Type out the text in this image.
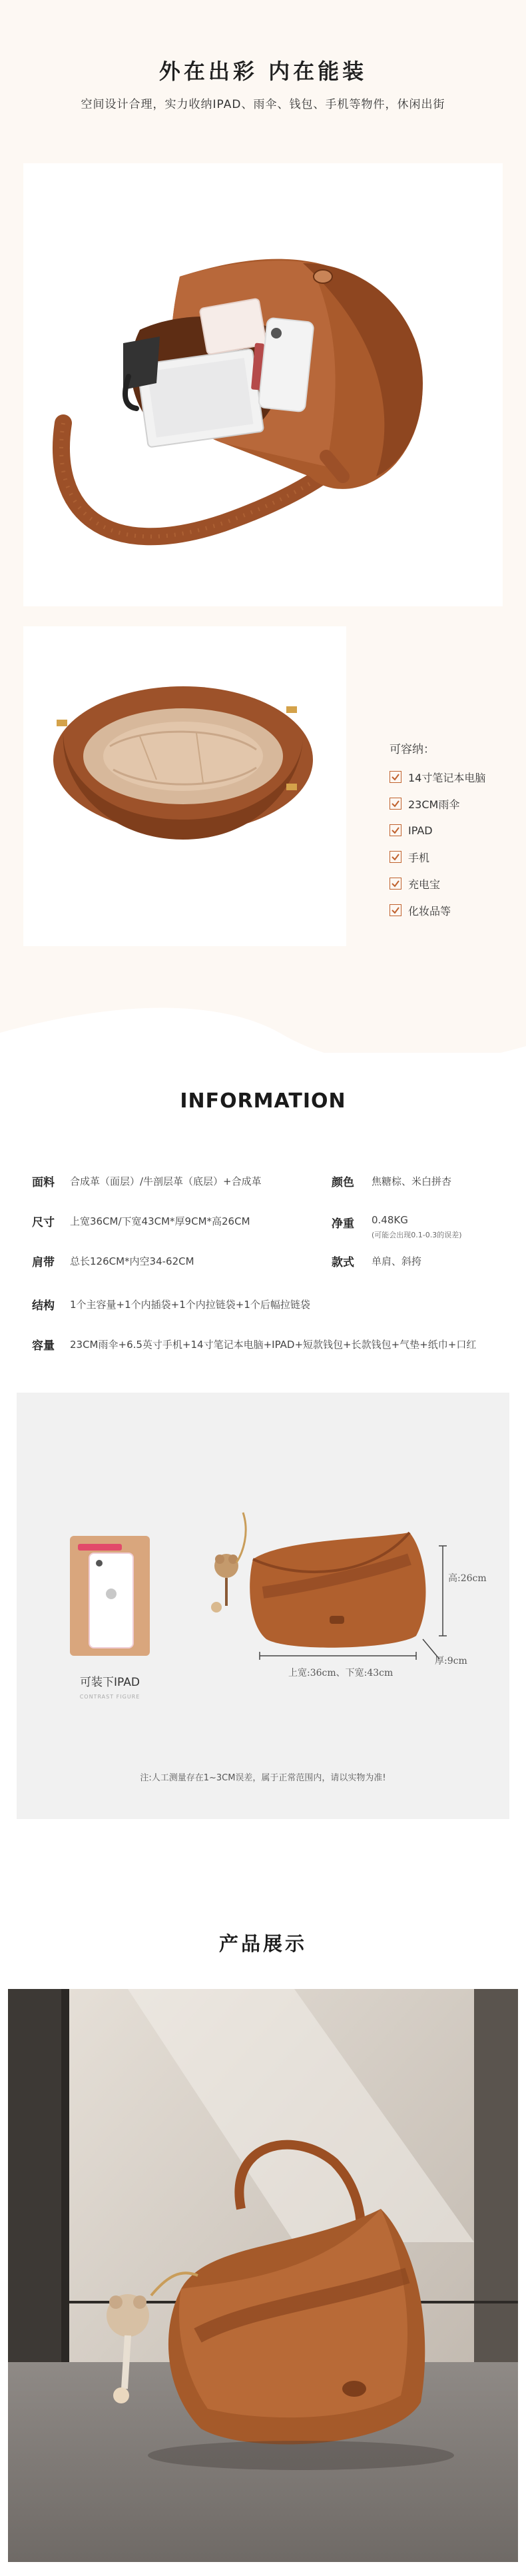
外在出彩 内在能装
空间设计合理，实力收纳IPAD、雨伞、钱包、手机等物件，休闲出街
可容纳：
14寸笔记本电脑
23CM雨伞
IPAD
手机
充电宝
化妆品等
INFORMATION
面料 合成革（面层）/牛剖层革（底层）+合成革	颜色 焦糖棕、米白拼杏
尺寸 上宽36CM/下宽43CM*厚9CM*高26CM	净重 0.48KG
(可能会出现0.1-0.3的误差)
肩带 总长126CM*内空34-62CM	款式 单肩、斜挎
结构 1个主容量+1个内插袋+1个内拉链袋+1个后幅拉链袋
容量 23CM雨伞+6.5英寸手机+14寸笔记本电脑+IPAD+短款钱包+长款钱包+气垫+纸巾+口红
可装下IPAD
CONTRAST FIGURE
高:26cm
厚:9cm
上宽:36cm、下宽:43cm
注:人工测量存在1~3CM误差，属于正常范围内，请以实物为准!
产品展示
